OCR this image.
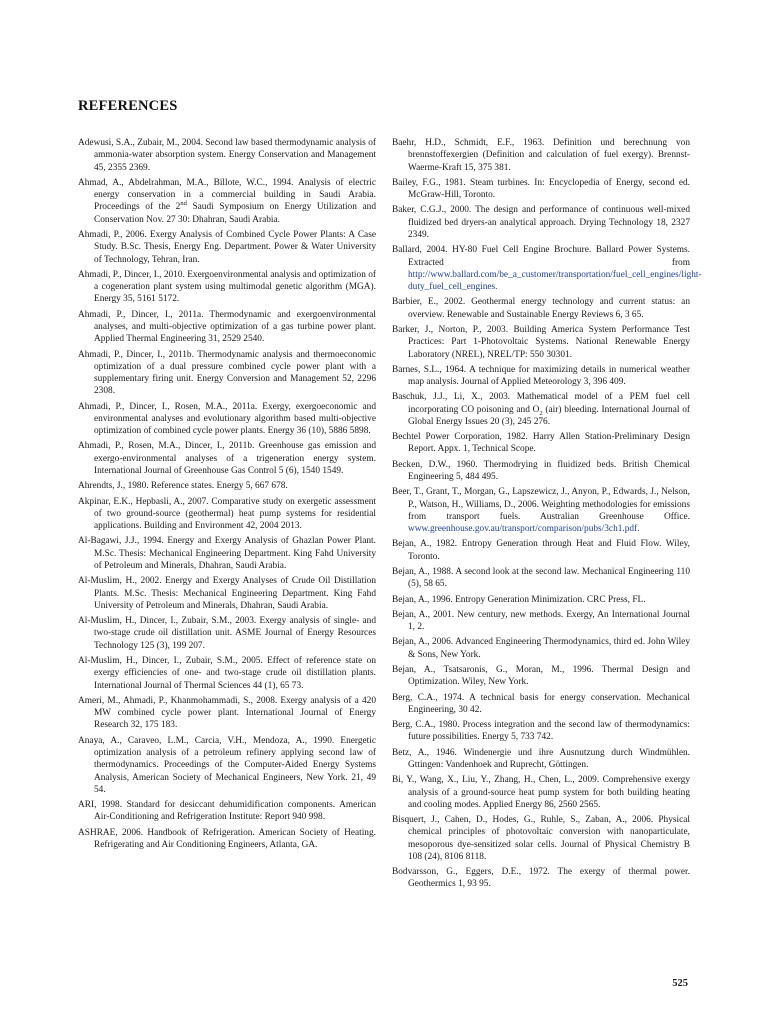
REFERENCES

Adewusi, S.A., Zubair, M., 2004. Second law based thermodynamic analysis of ammonia-water absorption system. Energy Conservation and Management 45, 2355 2369.

Ahmad, A., Abdelrahman, M.A., Billote, W.C., 1994. Analysis of electric energy conservation in a commercial building in Saudi Arabia. Proceedings of the 2nd Saudi Symposium on Energy Utilization and Conservation Nov. 27 30: Dhahran, Saudi Arabia.

Ahmadi, P., 2006. Exergy Analysis of Combined Cycle Power Plants: A Case Study. B.Sc. Thesis, Energy Eng. Department. Power & Water University of Technology, Tehran, Iran.

Ahmadi, P., Dincer, I., 2010. Exergoenvironmental analysis and optimization of a cogeneration plant system using multimodal genetic algorithm (MGA). Energy 35, 5161 5172.

Ahmadi, P., Dincer, I., 2011a. Thermodynamic and exergoenvironmental analyses, and multi-objective optimization of a gas turbine power plant. Applied Thermal Engineering 31, 2529 2540.

Ahmadi, P., Dincer, I., 2011b. Thermodynamic analysis and thermoeconomic optimization of a dual pressure combined cycle power plant with a supplementary firing unit. Energy Conversion and Management 52, 2296 2308.

Ahmadi, P., Dincer, I., Rosen, M.A., 2011a. Exergy, exergoeconomic and environmental analyses and evolutionary algorithm based multi-objective optimization of combined cycle power plants. Energy 36 (10), 5886 5898.

Ahmadi, P., Rosen, M.A., Dincer, I., 2011b. Greenhouse gas emission and exergo-environmental analyses of a trigeneration energy system. International Journal of Greenhouse Gas Control 5 (6), 1540 1549.

Ahrendts, J., 1980. Reference states. Energy 5, 667 678.

Akpinar, E.K., Hepbasli, A., 2007. Comparative study on exergetic assessment of two ground-source (geothermal) heat pump systems for residential applications. Building and Environment 42, 2004 2013.

Al-Bagawi, J.J., 1994. Energy and Exergy Analysis of Ghazlan Power Plant. M.Sc. Thesis: Mechanical Engineering Department. King Fahd University of Petroleum and Minerals, Dhahran, Saudi Arabia.

Al-Muslim, H., 2002. Energy and Exergy Analyses of Crude Oil Distillation Plants. M.Sc. Thesis: Mechanical Engineering Department. King Fahd University of Petroleum and Minerals, Dhahran, Saudi Arabia.

Al-Muslim, H., Dincer, I., Zubair, S.M., 2003. Exergy analysis of single- and two-stage crude oil distillation unit. ASME Journal of Energy Resources Technology 125 (3), 199 207.

Al-Muslim, H., Dincer, I., Zubair, S.M., 2005. Effect of reference state on exergy efficiencies of one- and two-stage crude oil distillation plants. International Journal of Thermal Sciences 44 (1), 65 73.

Ameri, M., Ahmadi, P., Khanmohammadi, S., 2008. Exergy analysis of a 420 MW combined cycle power plant. International Journal of Energy Research 32, 175 183.

Anaya, A., Caraveo, L.M., Carcia, V.H., Mendoza, A., 1990. Energetic optimization analysis of a petroleum refinery applying second law of thermodynamics. Proceedings of the Computer-Aided Energy Systems Analysis, American Society of Mechanical Engineers, New York. 21, 49 54.

ARI, 1998. Standard for desiccant dehumidification components. American Air-Conditioning and Refrigeration Institute: Report 940 998.

ASHRAE, 2006. Handbook of Refrigeration. American Society of Heating. Refrigerating and Air Conditioning Engineers, Atlanta, GA.

Baehr, H.D., Schmidt, E.F., 1963. Definition und berechnung von brennstoffexergien (Definition and calculation of fuel exergy). Brennst-Waerme-Kraft 15, 375 381.

Bailey, F.G., 1981. Steam turbines. In: Encyclopedia of Energy, second ed. McGraw-Hill, Toronto.

Baker, C.G.J., 2000. The design and performance of continuous well-mixed fluidized bed dryers-an analytical approach. Drying Technology 18, 2327 2349.

Ballard, 2004. HY-80 Fuel Cell Engine Brochure. Ballard Power Systems. Extracted from http://www.ballard.com/be_a_customer/transportation/fuel_cell_engines/light-duty_fuel_cell_engines.

Barbier, E., 2002. Geothermal energy technology and current status: an overview. Renewable and Sustainable Energy Reviews 6, 3 65.

Barker, J., Norton, P., 2003. Building America System Performance Test Practices: Part 1-Photovoltaic Systems. National Renewable Energy Laboratory (NREL), NREL/TP: 550 30301.

Barnes, S.L., 1964. A technique for maximizing details in numerical weather map analysis. Journal of Applied Meteorology 3, 396 409.

Baschuk, J.J., Li, X., 2003. Mathematical model of a PEM fuel cell incorporating CO poisoning and $O_2$ (air) bleeding. International Journal of Global Energy Issues 20 (3), 245 276.

Bechtel Power Corporation, 1982. Harry Allen Station-Preliminary Design Report. Appx. 1, Technical Scope.

Becken, D.W., 1960. Thermodrying in fluidized beds. British Chemical Engineering 5, 484 495.

Beer, T., Grant, T., Morgan, G., Lapszewicz, J., Anyon, P., Edwards, J., Nelson, P., Watson, H., Williams, D., 2006. Weighting methodologies for emissions from transport fuels. Australian Greenhouse Office. www.greenhouse.gov.au/transport/comparison/pubs/3ch1.pdf.

Bejan, A., 1982. Entropy Generation through Heat and Fluid Flow. Wiley, Toronto.

Bejan, A., 1988. A second look at the second law. Mechanical Engineering 110 (5), 58 65.

Bejan, A., 1996. Entropy Generation Minimization. CRC Press, FL.

Bejan, A., 2001. New century, new methods. Exergy, An International Journal 1, 2.

Bejan, A., 2006. Advanced Engineering Thermodynamics, third ed. John Wiley & Sons, New York.

Bejan, A., Tsatsaronis, G., Moran, M., 1996. Thermal Design and Optimization. Wiley, New York.

Berg, C.A., 1974. A technical basis for energy conservation. Mechanical Engineering, 30 42.

Berg, C.A., 1980. Process integration and the second law of thermodynamics: future possibilities. Energy 5, 733 742.

Betz, A., 1946. Windenergie und ihre Ausnutzung durch Windmühlen. Gttingen: Vandenhoek and Ruprecht, Göttingen.

Bi, Y., Wang, X., Liu, Y., Zhang, H., Chen, L., 2009. Comprehensive exergy analysis of a ground-source heat pump system for both building heating and cooling modes. Applied Energy 86, 2560 2565.

Bisquert, J., Cahen, D., Hodes, G., Ruhle, S., Zaban, A., 2006. Physical chemical principles of photovoltaic conversion with nanoparticulate, mesoporous dye-sensitized solar cells. Journal of Physical Chemistry B 108 (24), 8106 8118.

Bodvarsson, G., Eggers, D.E., 1972. The exergy of thermal power. Geothermics 1, 93 95.

525
